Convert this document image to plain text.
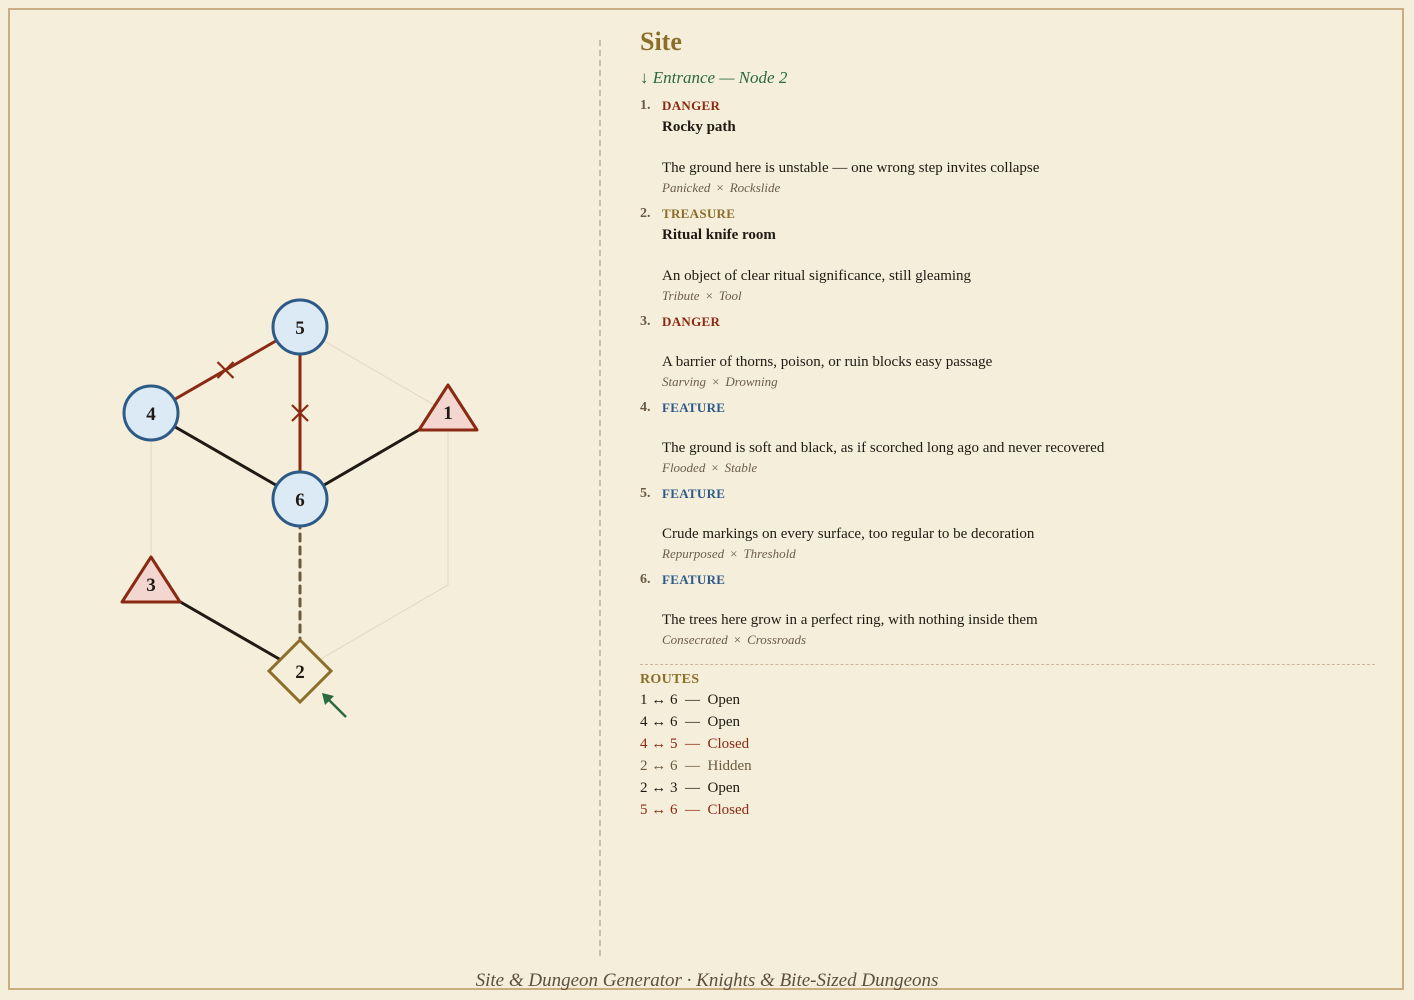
1
2
3
4
5
6
Site
↓ Entrance — Node 2
1. DANGER
Rocky path
The ground here is unstable — one wrong step invites collapse
Panicked × Rockslide
2. TREASURE
Ritual knife room
An object of clear ritual significance, still gleaming
Tribute × Tool
3. DANGER
A barrier of thorns, poison, or ruin blocks easy passage
Starving × Drowning
4. FEATURE
The ground is soft and black, as if scorched long ago and never recovered
Flooded × Stable
5. FEATURE
Crude markings on every surface, too regular to be decoration
Repurposed × Threshold
6. FEATURE
The trees here grow in a perfect ring, with nothing inside them
Consecrated × Crossroads
ROUTES
1 ↔ 6  —  Open
4 ↔ 6  —  Open
4 ↔ 5  —  Closed
2 ↔ 6  —  Hidden
2 ↔ 3  —  Open
5 ↔ 6  —  Closed
Site & Dungeon Generator · Knights & Bite-Sized Dungeons
